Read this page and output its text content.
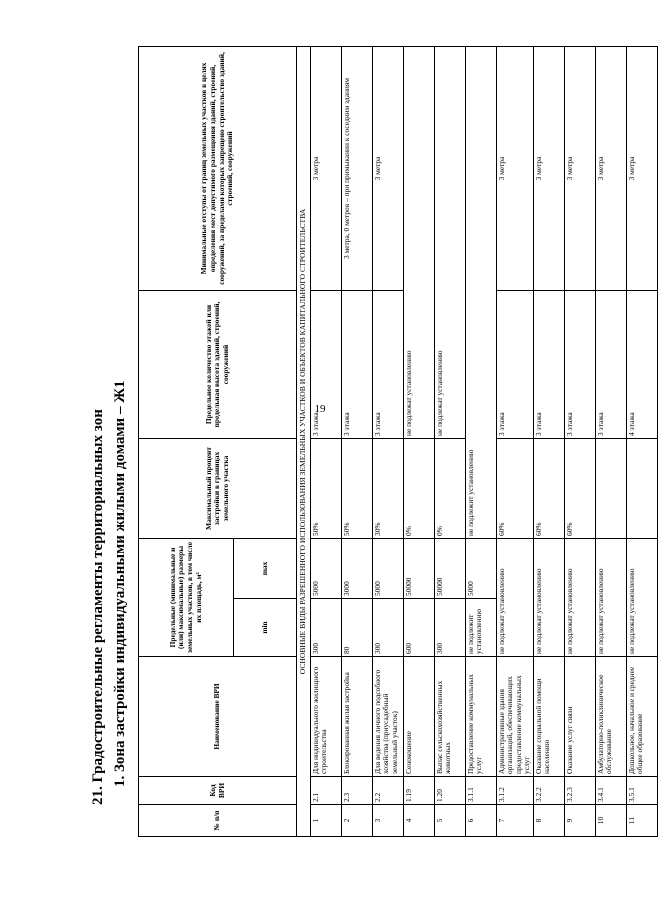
19
21. Градостроительные регламенты территориальных зон 1. Зона застройки индивидуальными жилыми домами – Ж1
№ п/п	Код ВРИ	Наименование ВРИ	Предельные (минимальные и (или) максимальные) размеры земельных участков, в том числе их площадь, м²		Максимальный процент застройки в границах земельного участка	Предельное количество этажей или предельная высота зданий, строений, сооружений	Минимальные отступы от границ земельных участков в целях определения мест допустимого размещения зданий, строений, сооружений, за пределами которых запрещено строительство зданий, строений, сооружений
			min	max			
ОСНОВНЫЕ ВИДЫ РАЗРЕШЕННОГО ИСПОЛЬЗОВАНИЯ ЗЕМЕЛЬНЫХ УЧАСТКОВ И ОБЪЕКТОВ КАПИТАЛЬНОГО СТРОИТЕЛЬСТВА							
1	2.1	Для индивидуального жилищного строительства	300	5000	50%	3 этажа	3 метра
2	2.3	Блокированная жилая застройка	80	3000	50%	3 этажа	3 метра, 0 метров – при примыкании к соседним зданиям
3	2.2	Для ведения личного подсобного хозяйства (приусадебный земельный участок)	300	5000	30%	3 этажа	3 метра
4	1.19	Сенокошение	600	50000	0%	не подлежат установлению	
5	1.20	Выпас сельскохозяйственных животных	300	50000	0%	не подлежат установлению	
6	3.1.1	Предоставление коммунальных услуг	не подлежит установлению	5000	не подлежит установлению		
7	3.1.2	Административные здания организаций, обеспечивающих предоставление коммунальных услуг	не подлежат установлению		60%	3 этажа	3 метра
8	3.2.2	Оказание социальной помощи населению	не подлежат установлению		60%	3 этажа	3 метра
9	3.2.3	Оказание услуг связи	не подлежат установлению		60%	3 этажа	3 метра
10	3.4.1	Амбулаторно-поликлиническое обслуживание	не подлежат установлению			3 этажа	3 метра
11	3.5.1	Дошкольное, начальное и среднее общее образование	не подлежат установлению			4 этажа	3 метра
